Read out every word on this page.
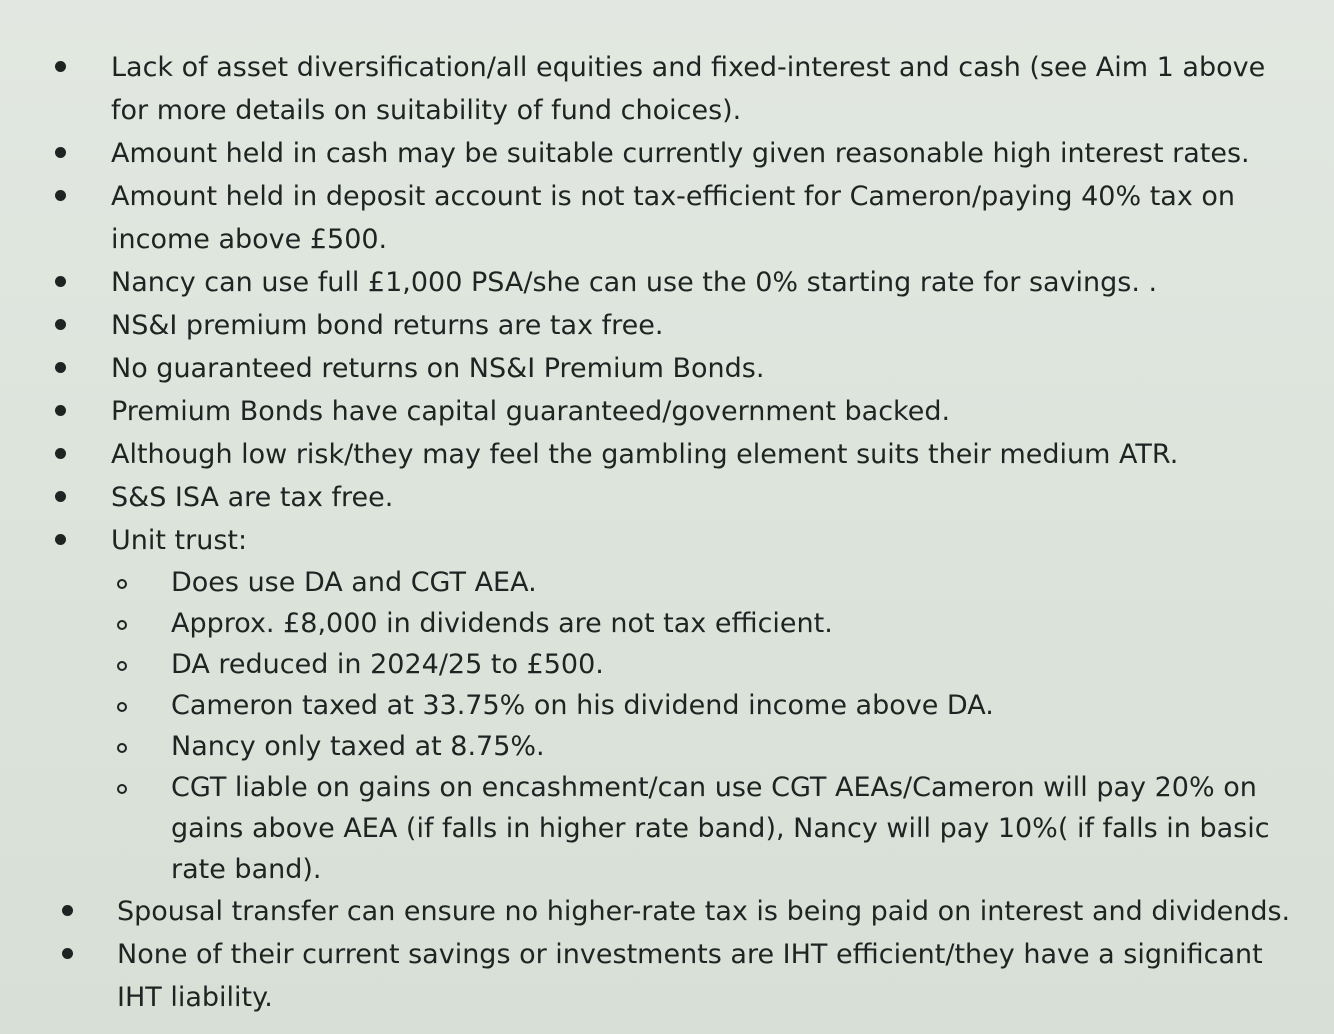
Lack of asset diversification/all equities and fixed-interest and cash (see Aim 1 above for more details on suitability of fund choices).
Amount held in cash may be suitable currently given reasonable high interest rates.
Amount held in deposit account is not tax-efficient for Cameron/paying 40% tax on income above £500.
Nancy can use full £1,000 PSA/she can use the 0% starting rate for savings. .
NS&I premium bond returns are tax free.
No guaranteed returns on NS&I Premium Bonds.
Premium Bonds have capital guaranteed/government backed.
Although low risk/they may feel the gambling element suits their medium ATR.
S&S ISA are tax free.
Unit trust:
Does use DA and CGT AEA.
Approx. £8,000 in dividends are not tax efficient.
DA reduced in 2024/25 to £500.
Cameron taxed at 33.75% on his dividend income above DA.
Nancy only taxed at 8.75%.
CGT liable on gains on encashment/can use CGT AEAs/Cameron will pay 20% on gains above AEA (if falls in higher rate band), Nancy will pay 10%( if falls in basic rate band).
Spousal transfer can ensure no higher-rate tax is being paid on interest and dividends.
None of their current savings or investments are IHT efficient/they have a significant IHT liability.
